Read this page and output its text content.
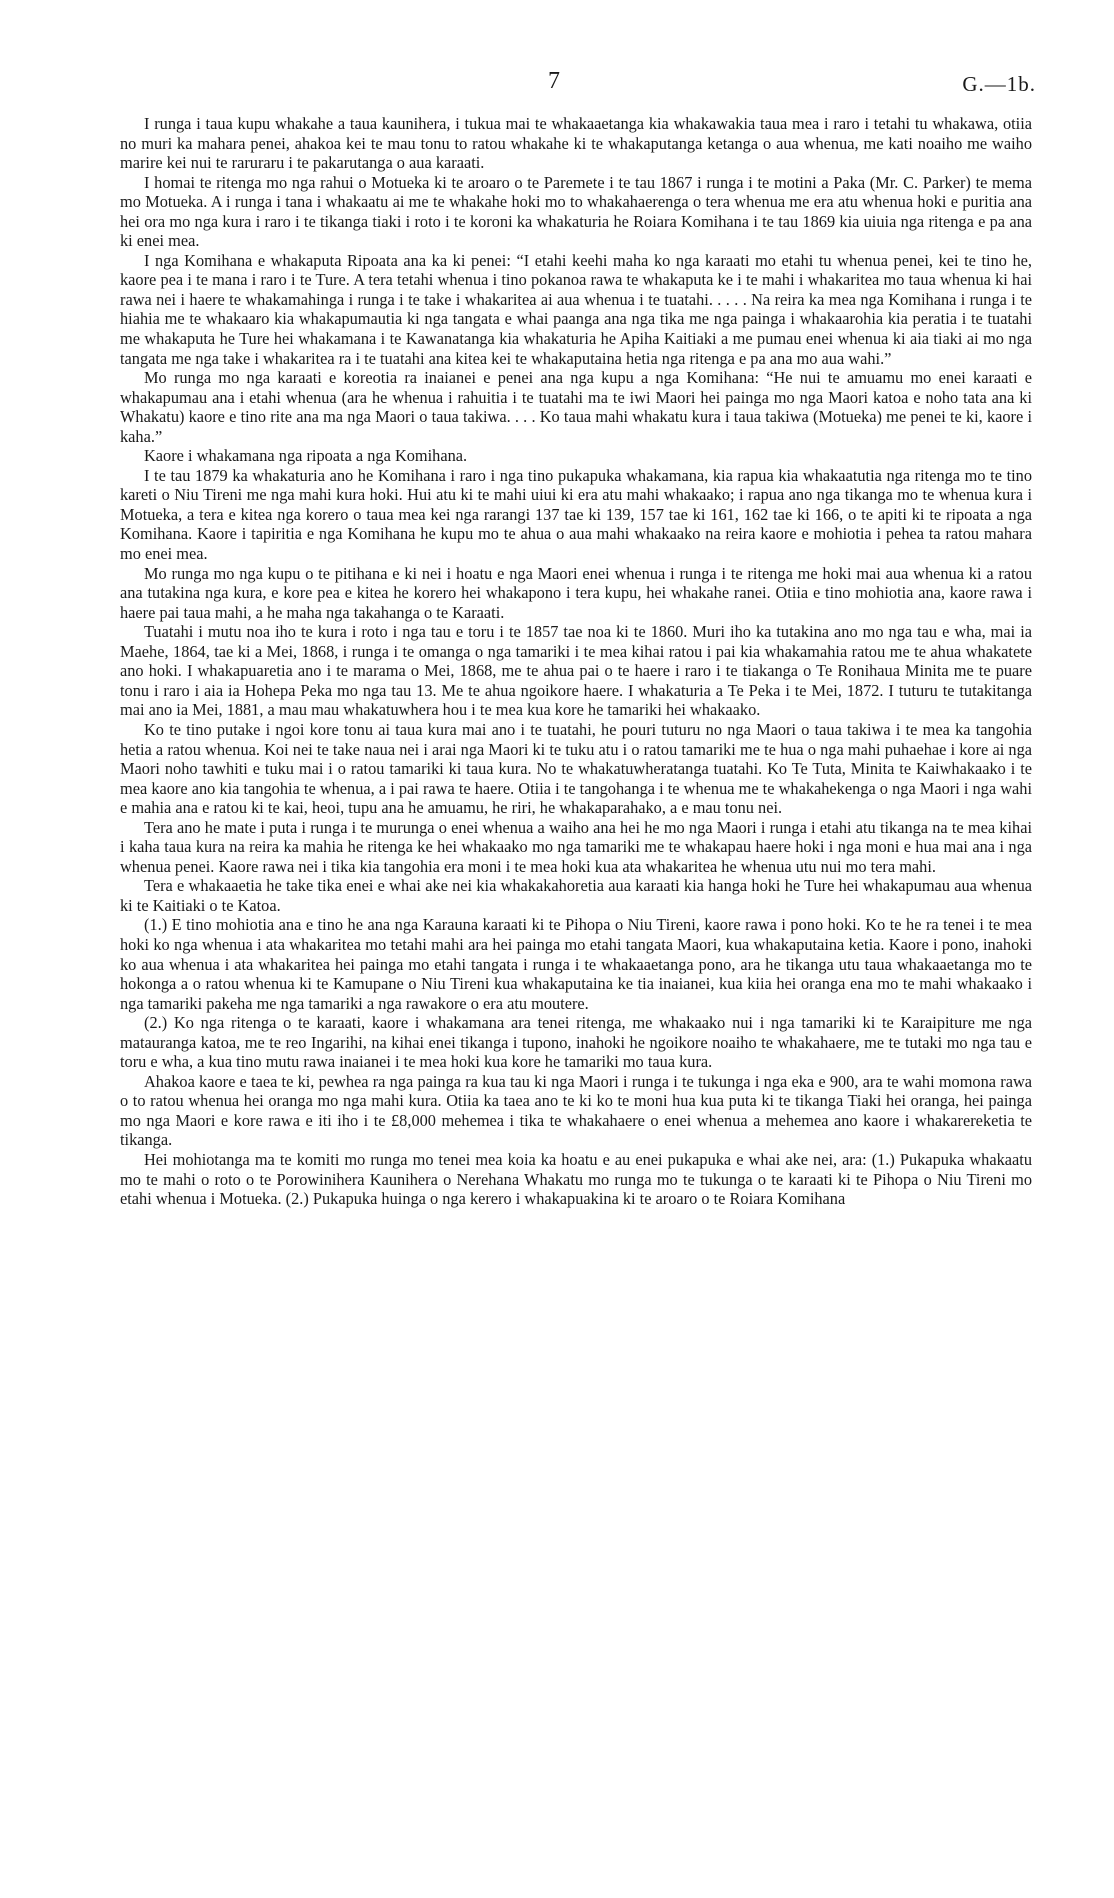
7	G.—1b.

I runga i taua kupu whakahe a taua kaunihera, i tukua mai te whakaaetanga kia whakawakia taua mea i raro i tetahi tu whakawa, otiia no muri ka mahara penei, ahakoa kei te mau tonu to ratou whakahe ki te whakaputanga ketanga o aua whenua, me kati noaiho me waiho marire kei nui te raruraru i te pakarutanga o aua karaati.

I homai te ritenga mo nga rahui o Motueka ki te aroaro o te Paremete i te tau 1867 i runga i te motini a Paka (Mr. C. Parker) te mema mo Motueka. A i runga i tana i whakaatu ai me te whakahe hoki mo to whakahaerenga o tera whenua me era atu whenua hoki e puritia ana hei ora mo nga kura i raro i te tikanga tiaki i roto i te koroni ka whakaturia he Roiara Komihana i te tau 1869 kia uiuia nga ritenga e pa ana ki enei mea.

I nga Komihana e whakaputa Ripoata ana ka ki penei: “I etahi keehi maha ko nga karaati mo etahi tu whenua penei, kei te tino he, kaore pea i te mana i raro i te Ture. A tera tetahi whenua i tino pokanoa rawa te whakaputa ke i te mahi i whakaritea mo taua whenua ki hai rawa nei i haere te whakamahinga i runga i te take i whakaritea ai aua whenua i te tuatahi. . . . . Na reira ka mea nga Komihana i runga i te hiahia me te whakaaro kia whakapumautia ki nga tangata e whai paanga ana nga tika me nga painga i whakaarohia kia peratia i te tuatahi me whakaputa he Ture hei whakamana i te Kawanatanga kia whakaturia he Apiha Kaitiaki a me pumau enei whenua ki aia tiaki ai mo nga tangata me nga take i whakaritea ra i te tuatahi ana kitea kei te whakaputaina hetia nga ritenga e pa ana mo aua wahi.”

Mo runga mo nga karaati e koreotia ra inaianei e penei ana nga kupu a nga Komihana: “He nui te amuamu mo enei karaati e whakapumau ana i etahi whenua (ara he whenua i rahuitia i te tuatahi ma te iwi Maori hei painga mo nga Maori katoa e noho tata ana ki Whakatu) kaore e tino rite ana ma nga Maori o taua takiwa. . . . Ko taua mahi whakatu kura i taua takiwa (Motueka) me penei te ki, kaore i kaha.”

Kaore i whakamana nga ripoata a nga Komihana.

I te tau 1879 ka whakaturia ano he Komihana i raro i nga tino pukapuka whakamana, kia rapua kia whakaatutia nga ritenga mo te tino kareti o Niu Tireni me nga mahi kura hoki. Hui atu ki te mahi uiui ki era atu mahi whakaako; i rapua ano nga tikanga mo te whenua kura i Motueka, a tera e kitea nga korero o taua mea kei nga rarangi 137 tae ki 139, 157 tae ki 161, 162 tae ki 166, o te apiti ki te ripoata a nga Komihana. Kaore i tapiritia e nga Komihana he kupu mo te ahua o aua mahi whakaako na reira kaore e mohiotia i pehea ta ratou mahara mo enei mea.

Mo runga mo nga kupu o te pitihana e ki nei i hoatu e nga Maori enei whenua i runga i te ritenga me hoki mai aua whenua ki a ratou ana tutakina nga kura, e kore pea e kitea he korero hei whakapono i tera kupu, hei whakahe ranei. Otiia e tino mohiotia ana, kaore rawa i haere pai taua mahi, a he maha nga takahanga o te Karaati.

Tuatahi i mutu noa iho te kura i roto i nga tau e toru i te 1857 tae noa ki te 1860. Muri iho ka tutakina ano mo nga tau e wha, mai ia Maehe, 1864, tae ki a Mei, 1868, i runga i te omanga o nga tamariki i te mea kihai ratou i pai kia whakamahia ratou me te ahua whakatete ano hoki. I whakapuaretia ano i te marama o Mei, 1868, me te ahua pai o te haere i raro i te tiakanga o Te Ronihaua Minita me te puare tonu i raro i aia ia Hohepa Peka mo nga tau 13. Me te ahua ngoikore haere. I whakaturia a Te Peka i te Mei, 1872. I tuturu te tutakitanga mai ano ia Mei, 1881, a mau mau whakatuwhera hou i te mea kua kore he tamariki hei whakaako.

Ko te tino putake i ngoi kore tonu ai taua kura mai ano i te tuatahi, he pouri tuturu no nga Maori o taua takiwa i te mea ka tangohia hetia a ratou whenua. Koi nei te take naua nei i arai nga Maori ki te tuku atu i o ratou tamariki me te hua o nga mahi puhaehae i kore ai nga Maori noho tawhiti e tuku mai i o ratou tamariki ki taua kura. No te whakatuwheratanga tuatahi. Ko Te Tuta, Minita te Kaiwhakaako i te mea kaore ano kia tangohia te whenua, a i pai rawa te haere. Otiia i te tangohanga i te whenua me te whakahekenga o nga Maori i nga wahi e mahia ana e ratou ki te kai, heoi, tupu ana he amuamu, he riri, he whakaparahako, a e mau tonu nei.

Tera ano he mate i puta i runga i te murunga o enei whenua a waiho ana hei he mo nga Maori i runga i etahi atu tikanga na te mea kihai i kaha taua kura na reira ka mahia he ritenga ke hei whakaako mo nga tamariki me te whakapau haere hoki i nga moni e hua mai ana i nga whenua penei. Kaore rawa nei i tika kia tangohia era moni i te mea hoki kua ata whakaritea he whenua utu nui mo tera mahi.

Tera e whakaaetia he take tika enei e whai ake nei kia whakakahoretia aua karaati kia hanga hoki he Ture hei whakapumau aua whenua ki te Kaitiaki o te Katoa.

(1.) E tino mohiotia ana e tino he ana nga Karauna karaati ki te Pihopa o Niu Tireni, kaore rawa i pono hoki. Ko te he ra tenei i te mea hoki ko nga whenua i ata whakaritea mo tetahi mahi ara hei painga mo etahi tangata Maori, kua whakaputaina ketia. Kaore i pono, inahoki ko aua whenua i ata whakaritea hei painga mo etahi tangata i runga i te whakaaetanga pono, ara he tikanga utu taua whakaaetanga mo te hokonga a o ratou whenua ki te Kamupane o Niu Tireni kua whakaputaina ke tia inaianei, kua kiia hei oranga ena mo te mahi whakaako i nga tamariki pakeha me nga tamariki a nga rawakore o era atu moutere.

(2.) Ko nga ritenga o te karaati, kaore i whakamana ara tenei ritenga, me whakaako nui i nga tamariki ki te Karaipiture me nga matauranga katoa, me te reo Ingarihi, na kihai enei tikanga i tupono, inahoki he ngoikore noaiho te whakahaere, me te tutaki mo nga tau e toru e wha, a kua tino mutu rawa inaianei i te mea hoki kua kore he tamariki mo taua kura.

Ahakoa kaore e taea te ki, pewhea ra nga painga ra kua tau ki nga Maori i runga i te tukunga i nga eka e 900, ara te wahi momona rawa o to ratou whenua hei oranga mo nga mahi kura. Otiia ka taea ano te ki ko te moni hua kua puta ki te tikanga Tiaki hei oranga, hei painga mo nga Maori e kore rawa e iti iho i te £8,000 mehemea i tika te whakahaere o enei whenua a mehemea ano kaore i whakarereketia te tikanga.

Hei mohiotanga ma te komiti mo runga mo tenei mea koia ka hoatu e au enei pukapuka e whai ake nei, ara: (1.) Pukapuka whakaatu mo te mahi o roto o te Porowinihera Kaunihera o Nerehana Whakatu mo runga mo te tukunga o te karaati ki te Pihopa o Niu Tireni mo etahi whenua i Motueka. (2.) Pukapuka huinga o nga kerero i whakapuakina ki te aroaro o te Roiara Komihana
